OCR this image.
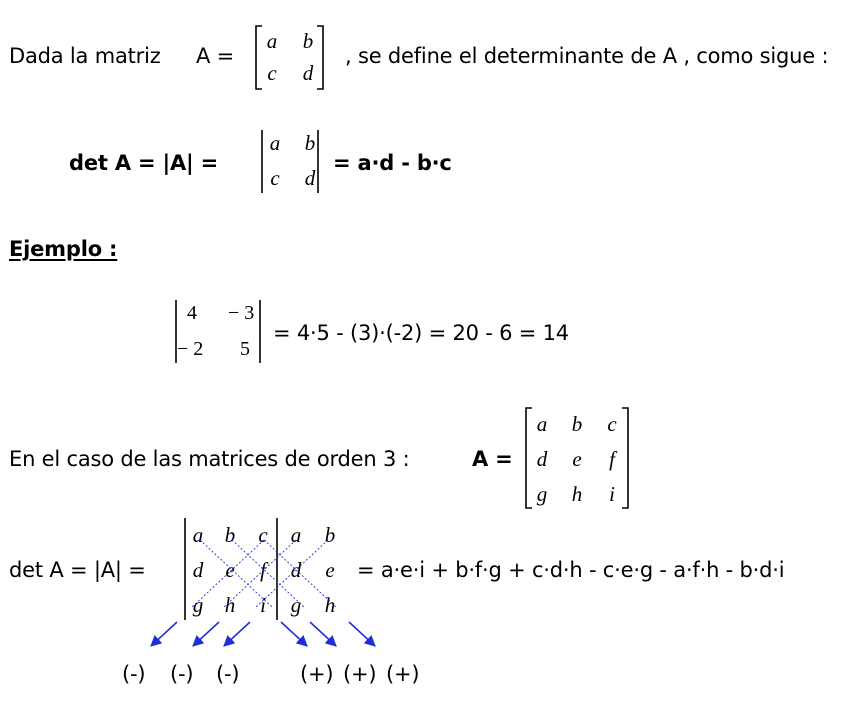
Dada la matriz A =
a b
c	d
, se define el determinante de A , como sigue :
det A = |A| =
a b
c	d
= a·d - b·c
Ejemplo :
4 − 3
− 2 5
= 4·5 - (3)·(-2) = 20 - 6 = 14
En el caso de las matrices de orden 3 :	A =
a b	c
d	e	f
g h	i
det A = |A| =
a b	c	a b
d	e	f	d	e
g h	i	g h
= a·e·i + b·f·g + c·d·h - c·e·g - a·f·h - b·d·i
(-) (-) (-)	(+) (+) (+)
